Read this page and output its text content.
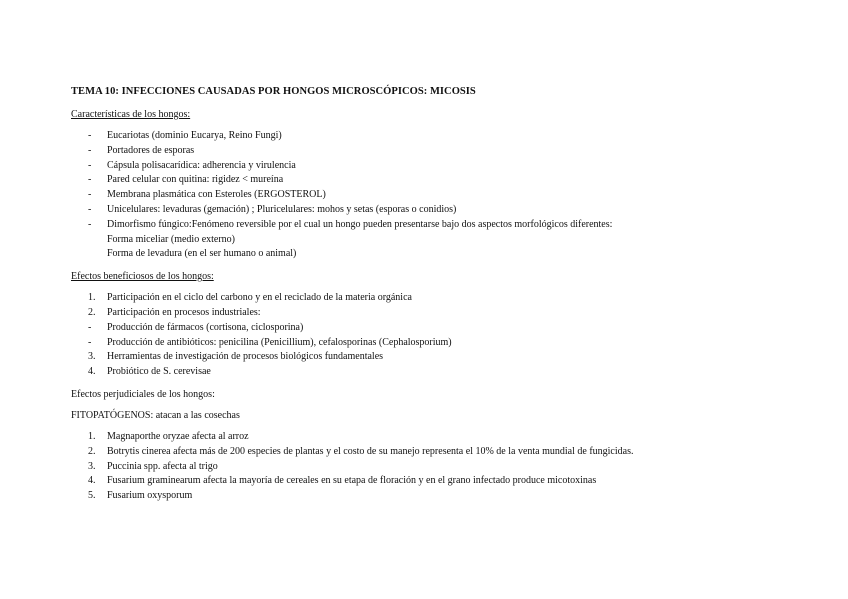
TEMA 10: INFECCIONES CAUSADAS POR HONGOS MICROSCÓPICOS: MICOSIS
Características de los hongos:
- Eucariotas (dominio Eucarya, Reino Fungi)
- Portadores de esporas
- Cápsula polisacarídica: adherencia y virulencia
- Pared celular con quitina: rigidez < mureína
- Membrana plasmática con Esteroles (ERGOSTEROL)
- Unicelulares: levaduras (gemación) ; Pluricelulares: mohos y setas (esporas o conidios)
- Dimorfismo fúngico:Fenómeno reversible por el cual un hongo pueden presentarse bajo dos aspectos morfológicos diferentes:
Forma miceliar (medio externo)
Forma de levadura (en el ser humano o animal)
Efectos beneficiosos de los hongos:
1. Participación en el ciclo del carbono y en el reciclado de la materia orgánica
2. Participación en procesos industriales:
- Producción de fármacos (cortisona, ciclosporina)
- Producción de antibióticos: penicilina (Penicillium), cefalosporinas (Cephalosporium)
3. Herramientas de investigación de procesos biológicos fundamentales
4. Probiótico de S. cerevisae
Efectos perjudiciales de los hongos:
FITOPATÓGENOS: atacan a las cosechas
1. Magnaporthe oryzae afecta al arroz
2. Botrytis cinerea afecta más de 200 especies de plantas y el costo de su manejo representa el 10% de la venta mundial de fungicidas.
3. Puccinia spp. afecta al trigo
4. Fusarium graminearum afecta la mayoría de cereales en su etapa de floración y en el grano infectado produce micotoxinas
5. Fusarium oxysporum
